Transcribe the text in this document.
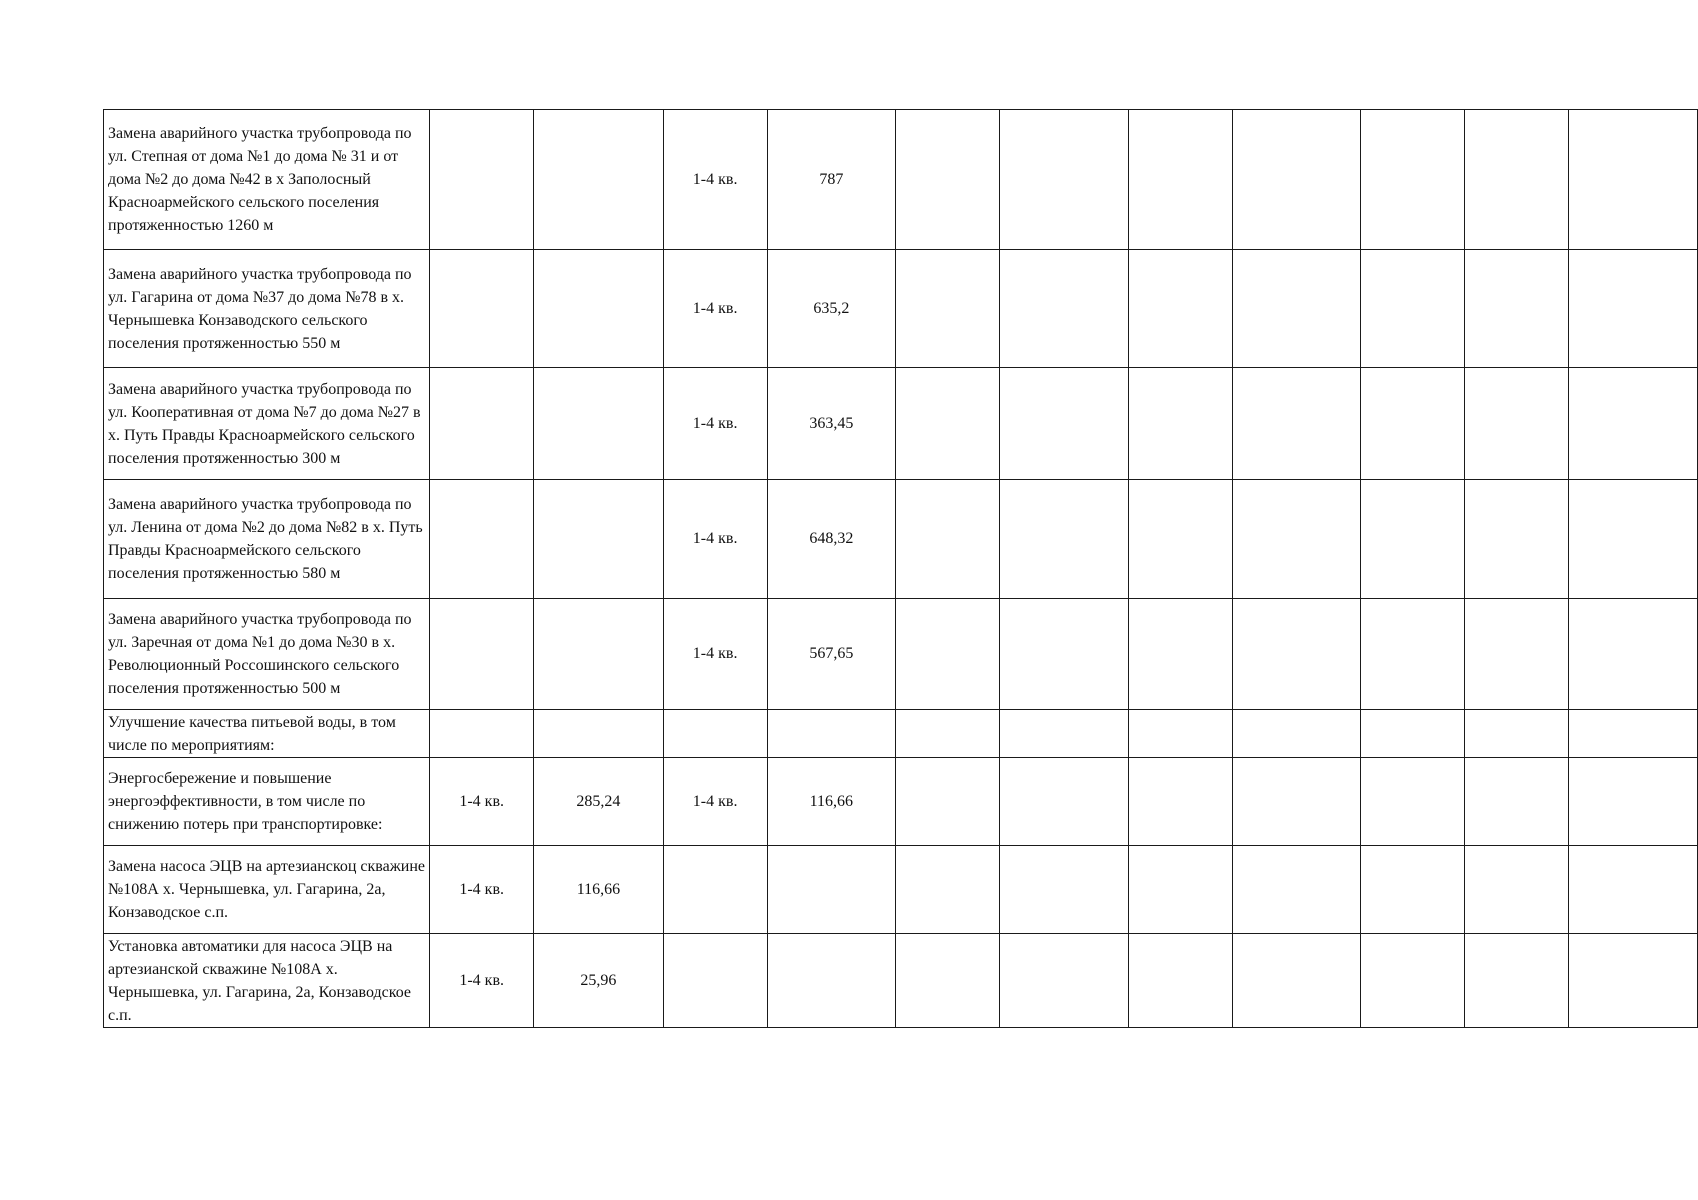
Замена аварийного участка трубопровода по ул. Степная от дома №1 до дома № 31 и от дома №2 до дома №42 в х Заполосный Красноармейского сельского поселения протяженностью 1260 м			1-4 кв.	787							
Замена аварийного участка трубопровода по ул. Гагарина от дома №37 до дома №78 в х. Чернышевка Конзаводского сельского поселения протяженностью 550 м			1-4 кв.	635,2							
Замена аварийного участка трубопровода по ул. Кооперативная от дома №7 до дома №27 в х. Путь Правды Красноармейского сельского поселения протяженностью 300 м			1-4 кв.	363,45							
Замена аварийного участка трубопровода по ул. Ленина от дома №2 до дома №82 в х. Путь Правды Красноармейского сельского поселения протяженностью 580 м			1-4 кв.	648,32							
Замена аварийного участка трубопровода по ул. Заречная от дома №1 до дома №30 в х. Революционный Россошинского сельского поселения протяженностью 500 м			1-4 кв.	567,65							
Улучшение качества питьевой воды, в том числе по мероприятиям:											
Энергосбережение и повышение энергоэффективности, в том числе по снижению потерь при транспортировке:	1-4 кв.	285,24	1-4 кв.	116,66							
Замена насоса ЭЦВ на артезианскоц скважине №108А х. Чернышевка, ул. Гагарина, 2а, Конзаводское с.п.	1-4 кв.	116,66									
Установка автоматики для насоса ЭЦВ на артезианской скважине №108А х. Чернышевка, ул. Гагарина, 2а, Конзаводское с.п.	1-4 кв.	25,96									
